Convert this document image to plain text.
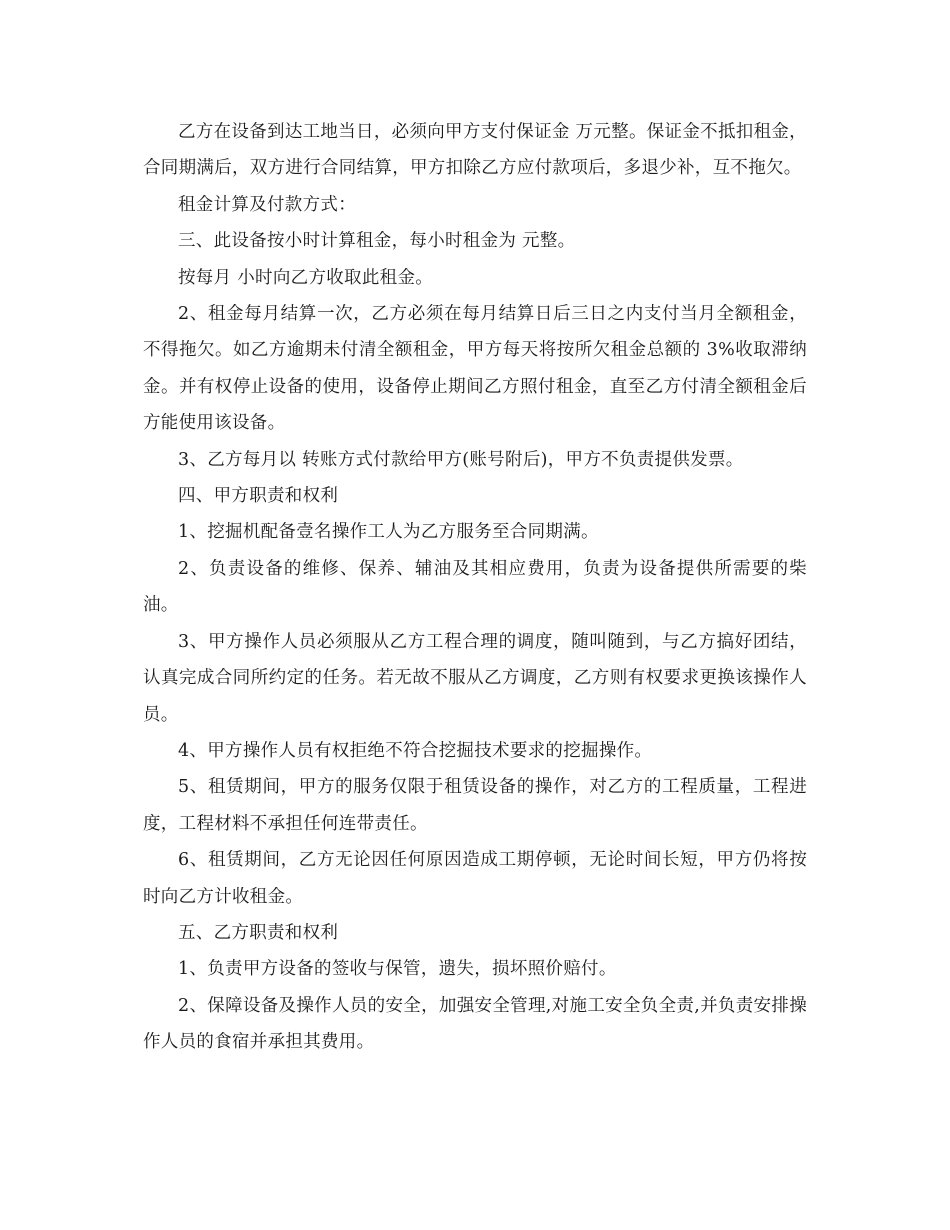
乙方在设备到达工地当日，必须向甲方支付保证金 万元整。保证金不抵扣租金，合同期满后，双方进行合同结算，甲方扣除乙方应付款项后，多退少补，互不拖欠。

租金计算及付款方式：

三、此设备按小时计算租金，每小时租金为 元整。

按每月 小时向乙方收取此租金。

2、租金每月结算一次，乙方必须在每月结算日后三日之内支付当月全额租金，不得拖欠。如乙方逾期未付清全额租金，甲方每天将按所欠租金总额的 3%收取滞纳金。并有权停止设备的使用，设备停止期间乙方照付租金，直至乙方付清全额租金后方能使用该设备。

3、乙方每月以 转账方式付款给甲方(账号附后)，甲方不负责提供发票。

四、甲方职责和权利

1、挖掘机配备壹名操作工人为乙方服务至合同期满。

2、负责设备的维修、保养、辅油及其相应费用，负责为设备提供所需要的柴油。

3、甲方操作人员必须服从乙方工程合理的调度，随叫随到，与乙方搞好团结，认真完成合同所约定的任务。若无故不服从乙方调度，乙方则有权要求更换该操作人员。

4、甲方操作人员有权拒绝不符合挖掘技术要求的挖掘操作。

5、租赁期间，甲方的服务仅限于租赁设备的操作，对乙方的工程质量，工程进度，工程材料不承担任何连带责任。

6、租赁期间，乙方无论因任何原因造成工期停顿，无论时间长短，甲方仍将按时向乙方计收租金。

五、乙方职责和权利

1、负责甲方设备的签收与保管，遗失，损坏照价赔付。

2、保障设备及操作人员的安全，加强安全管理,对施工安全负全责,并负责安排操作人员的食宿并承担其费用。
